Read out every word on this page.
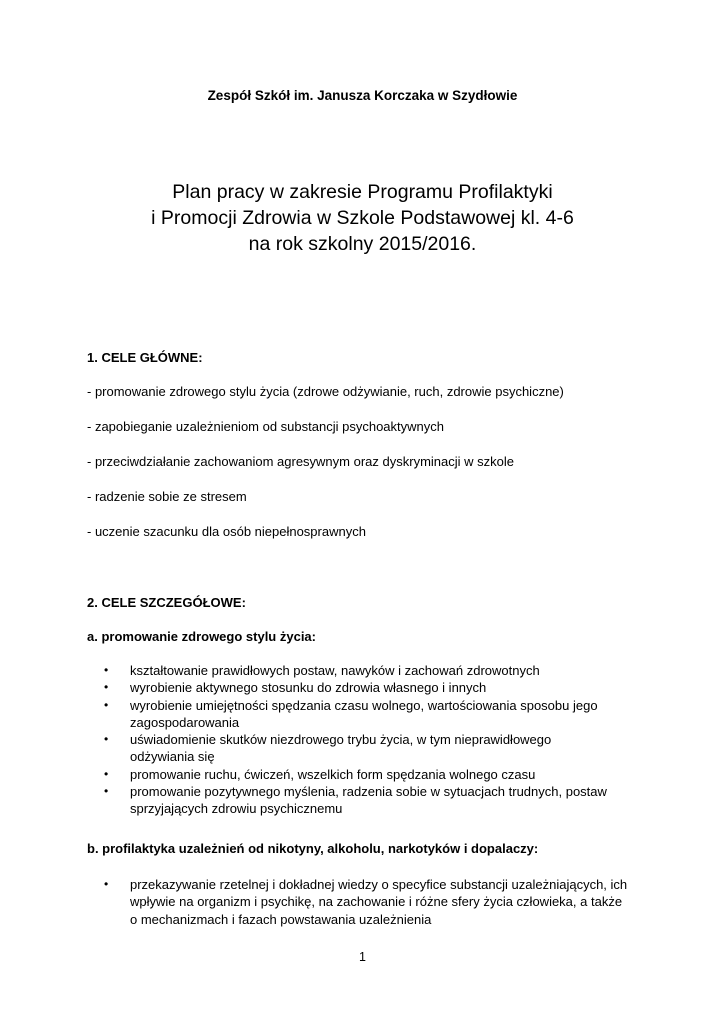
Zespół Szkół im. Janusza Korczaka w Szydłowie
Plan pracy w zakresie Programu Profilaktyki
i Promocji Zdrowia w Szkole Podstawowej kl. 4-6
na rok szkolny 2015/2016.
1. CELE GŁÓWNE:
- promowanie zdrowego stylu życia (zdrowe odżywianie, ruch, zdrowie psychiczne)
- zapobieganie uzależnieniom od substancji psychoaktywnych
- przeciwdziałanie zachowaniom agresywnym oraz dyskryminacji w szkole
- radzenie sobie ze stresem
- uczenie szacunku dla osób niepełnosprawnych
2. CELE SZCZEGÓŁOWE:
a. promowanie zdrowego stylu życia:
• kształtowanie prawidłowych postaw, nawyków i zachowań zdrowotnych
• wyrobienie aktywnego stosunku do zdrowia własnego i innych
• wyrobienie umiejętności spędzania czasu wolnego, wartościowania sposobu jego
zagospodarowania
• uświadomienie skutków niezdrowego trybu życia, w tym nieprawidłowego
odżywiania się
• promowanie ruchu, ćwiczeń, wszelkich form spędzania wolnego czasu
• promowanie pozytywnego myślenia, radzenia sobie w sytuacjach trudnych, postaw
sprzyjających zdrowiu psychicznemu
b. profilaktyka uzależnień od nikotyny, alkoholu, narkotyków i dopalaczy:
• przekazywanie rzetelnej i dokładnej wiedzy o specyfice substancji uzależniających, ich
wpływie na organizm i psychikę, na zachowanie i różne sfery życia człowieka, a także
o mechanizmach i fazach powstawania uzależnienia
1
